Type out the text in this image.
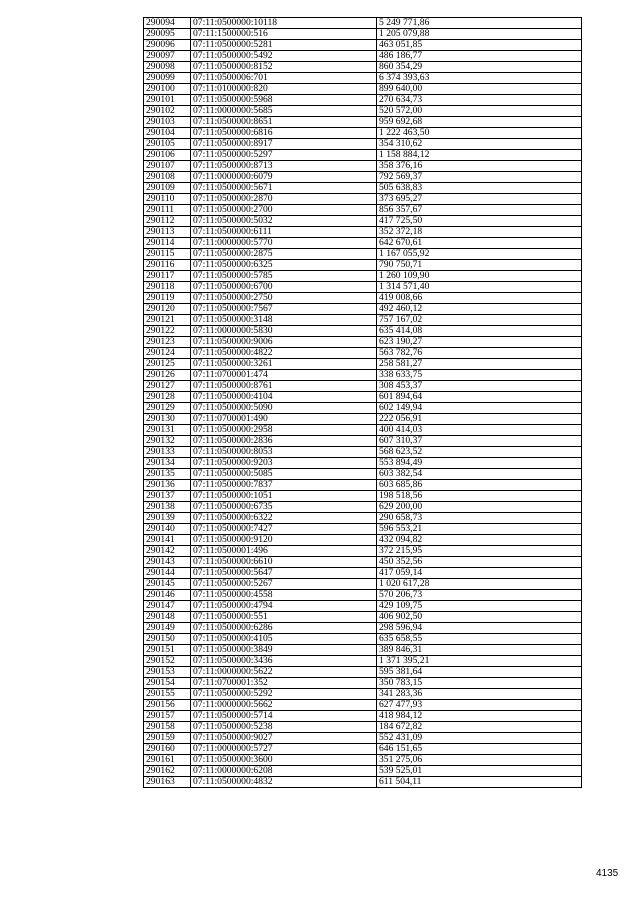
290094	07:11:0500000:10118	5 249 771,86
290095	07:11:1500000:516	1 205 079,88
290096	07:11:0500000:5281	463 051,85
290097	07:11:0500000:5492	486 186,77
290098	07:11:0500000:8152	860 354,29
290099	07:11:0500006:701	6 374 393,63
290100	07:11:0100000:820	899 640,00
290101	07:11:0500000:5968	270 634,73
290102	07:11:0000000:5685	520 572,00
290103	07:11:0500000:8651	959 692,68
290104	07:11:0500000:6816	1 222 463,50
290105	07:11:0500000:8917	354 310,62
290106	07:11:0500000:5297	1 158 884,12
290107	07:11:0500000:8713	358 376,16
290108	07:11:0000000:6079	792 569,37
290109	07:11:0500000:5671	505 638,83
290110	07:11:0500000:2870	373 695,27
290111	07:11:0500000:2700	856 357,67
290112	07:11:0500000:5032	417 725,50
290113	07:11:0500000:6111	352 372,18
290114	07:11:0000000:5770	642 670,61
290115	07:11:0500000:2875	1 167 055,92
290116	07:11:0500000:6325	790 750,71
290117	07:11:0500000:5785	1 260 109,90
290118	07:11:0500000:6700	1 314 571,40
290119	07:11:0500000:2750	419 008,66
290120	07:11:0500000:7567	492 460,12
290121	07:11:0500000:3148	757 167,02
290122	07:11:0000000:5830	635 414,08
290123	07:11:0500000:9006	623 190,27
290124	07:11:0500000:4822	563 782,76
290125	07:11:0500000:3261	258 581,27
290126	07:11:0700001:474	338 633,75
290127	07:11:0500000:8761	308 453,37
290128	07:11:0500000:4104	601 894,64
290129	07:11:0500000:5090	602 149,94
290130	07:11:0700001:490	222 056,91
290131	07:11:0500000:2958	400 414,03
290132	07:11:0500000:2836	607 310,37
290133	07:11:0500000:8053	568 623,52
290134	07:11:0500000:9203	553 894,49
290135	07:11:0500000:5085	603 382,54
290136	07:11:0500000:7837	603 685,86
290137	07:11:0500000:1051	198 518,56
290138	07:11:0500000:6735	629 200,00
290139	07:11:0500000:6322	290 658,73
290140	07:11:0500000:7427	596 553,21
290141	07:11:0500000:9120	432 094,82
290142	07:11:0500001:496	372 215,95
290143	07:11:0500000:6610	450 352,56
290144	07:11:0500000:5647	417 059,14
290145	07:11:0500000:5267	1 020 617,28
290146	07:11:0500000:4558	570 206,73
290147	07:11:0500000:4794	429 109,75
290148	07:11:0500000:551	406 902,50
290149	07:11:0500000:6286	298 596,94
290150	07:11:0500000:4105	635 658,55
290151	07:11:0500000:3849	389 846,31
290152	07:11:0500000:3436	1 371 395,21
290153	07:11:0000000:5622	595 381,64
290154	07:11:0700001:352	350 783,15
290155	07:11:0500000:5292	341 283,36
290156	07:11:0000000:5662	627 477,93
290157	07:11:0500000:5714	418 984,12
290158	07:11:0500000:5238	184 672,82
290159	07:11:0500000:9027	552 431,09
290160	07:11:0000000:5727	646 151,65
290161	07:11:0500000:3600	351 275,06
290162	07:11:0000000:6208	539 525,01
290163	07:11:0500000:4832	611 504,11
4135
